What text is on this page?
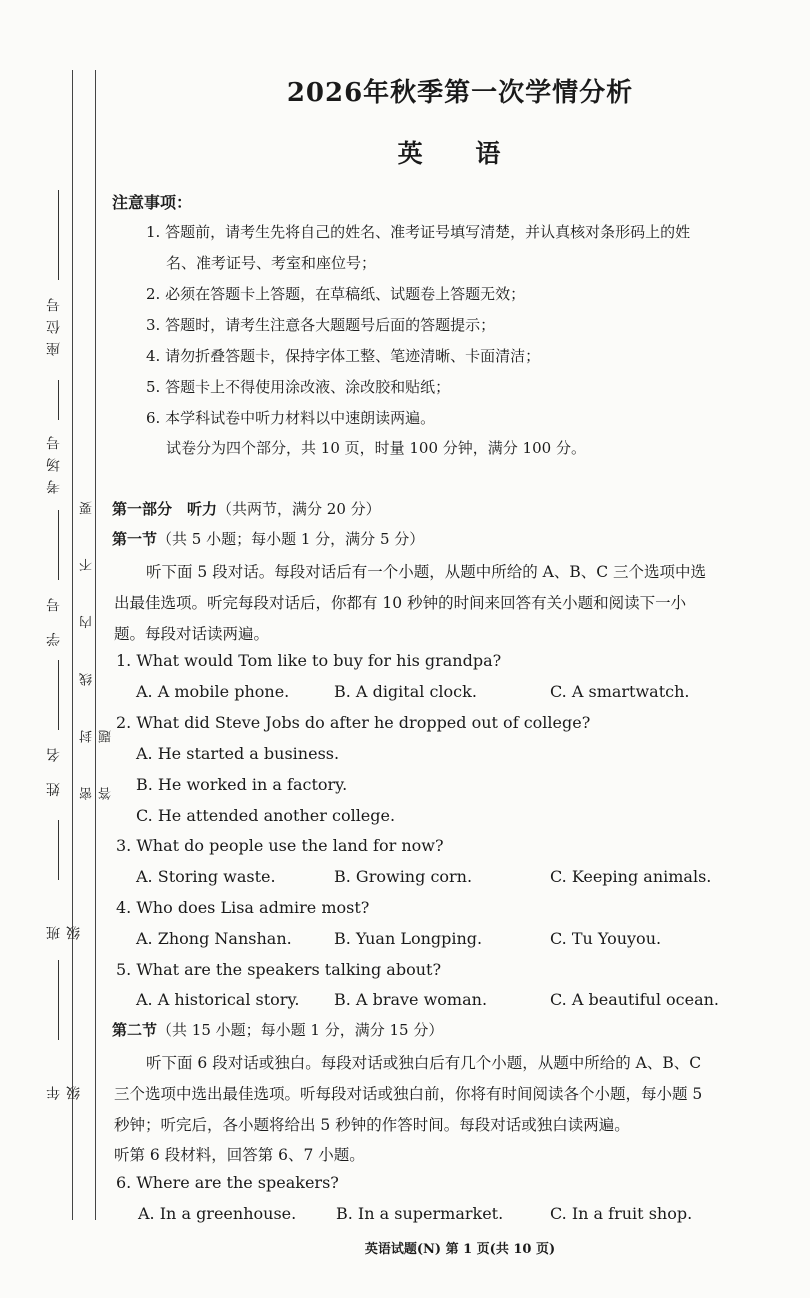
座位号
考场号
学 号
姓 名
班 级
年 级
密 封 线 内 不 要 答 题
2026年秋季第一次学情分析
英 语
注意事项：
1. 答题前，请考生先将自己的姓名、准考证号填写清楚，并认真核对条形码上的姓
名、准考证号、考室和座位号；
2. 必须在答题卡上答题，在草稿纸、试题卷上答题无效；
3. 答题时，请考生注意各大题题号后面的答题提示；
4. 请勿折叠答题卡，保持字体工整、笔迹清晰、卡面清洁；
5. 答题卡上不得使用涂改液、涂改胶和贴纸；
6. 本学科试卷中听力材料以中速朗读两遍。
试卷分为四个部分，共 10 页，时量 100 分钟，满分 100 分。
第一部分　听力（共两节，满分 20 分）
第一节（共 5 小题；每小题 1 分，满分 5 分）
听下面 5 段对话。每段对话后有一个小题，从题中所给的 A、B、C 三个选项中选
出最佳选项。听完每段对话后，你都有 10 秒钟的时间来回答有关小题和阅读下一小
题。每段对话读两遍。
1. What would Tom like to buy for his grandpa?
A. A mobile phone.	B. A digital clock.	C. A smartwatch.
2. What did Steve Jobs do after he dropped out of college?
A. He started a business.
B. He worked in a factory.
C. He attended another college.
3. What do people use the land for now?
A. Storing waste.	B. Growing corn.	C. Keeping animals.
4. Who does Lisa admire most?
A. Zhong Nanshan.	B. Yuan Longping.	C. Tu Youyou.
5. What are the speakers talking about?
A. A historical story. B. A brave woman.	C. A beautiful ocean.
第二节（共 15 小题；每小题 1 分，满分 15 分）
听下面 6 段对话或独白。每段对话或独白后有几个小题，从题中所给的 A、B、C
三个选项中选出最佳选项。听每段对话或独白前，你将有时间阅读各个小题，每小题 5
秒钟；听完后，各小题将给出 5 秒钟的作答时间。每段对话或独白读两遍。
听第 6 段材料，回答第 6、7 小题。
6. Where are the speakers?
A. In a greenhouse. B. In a supermarket.	C. In a fruit shop.
英语试题(N) 第 1 页(共 10 页)
